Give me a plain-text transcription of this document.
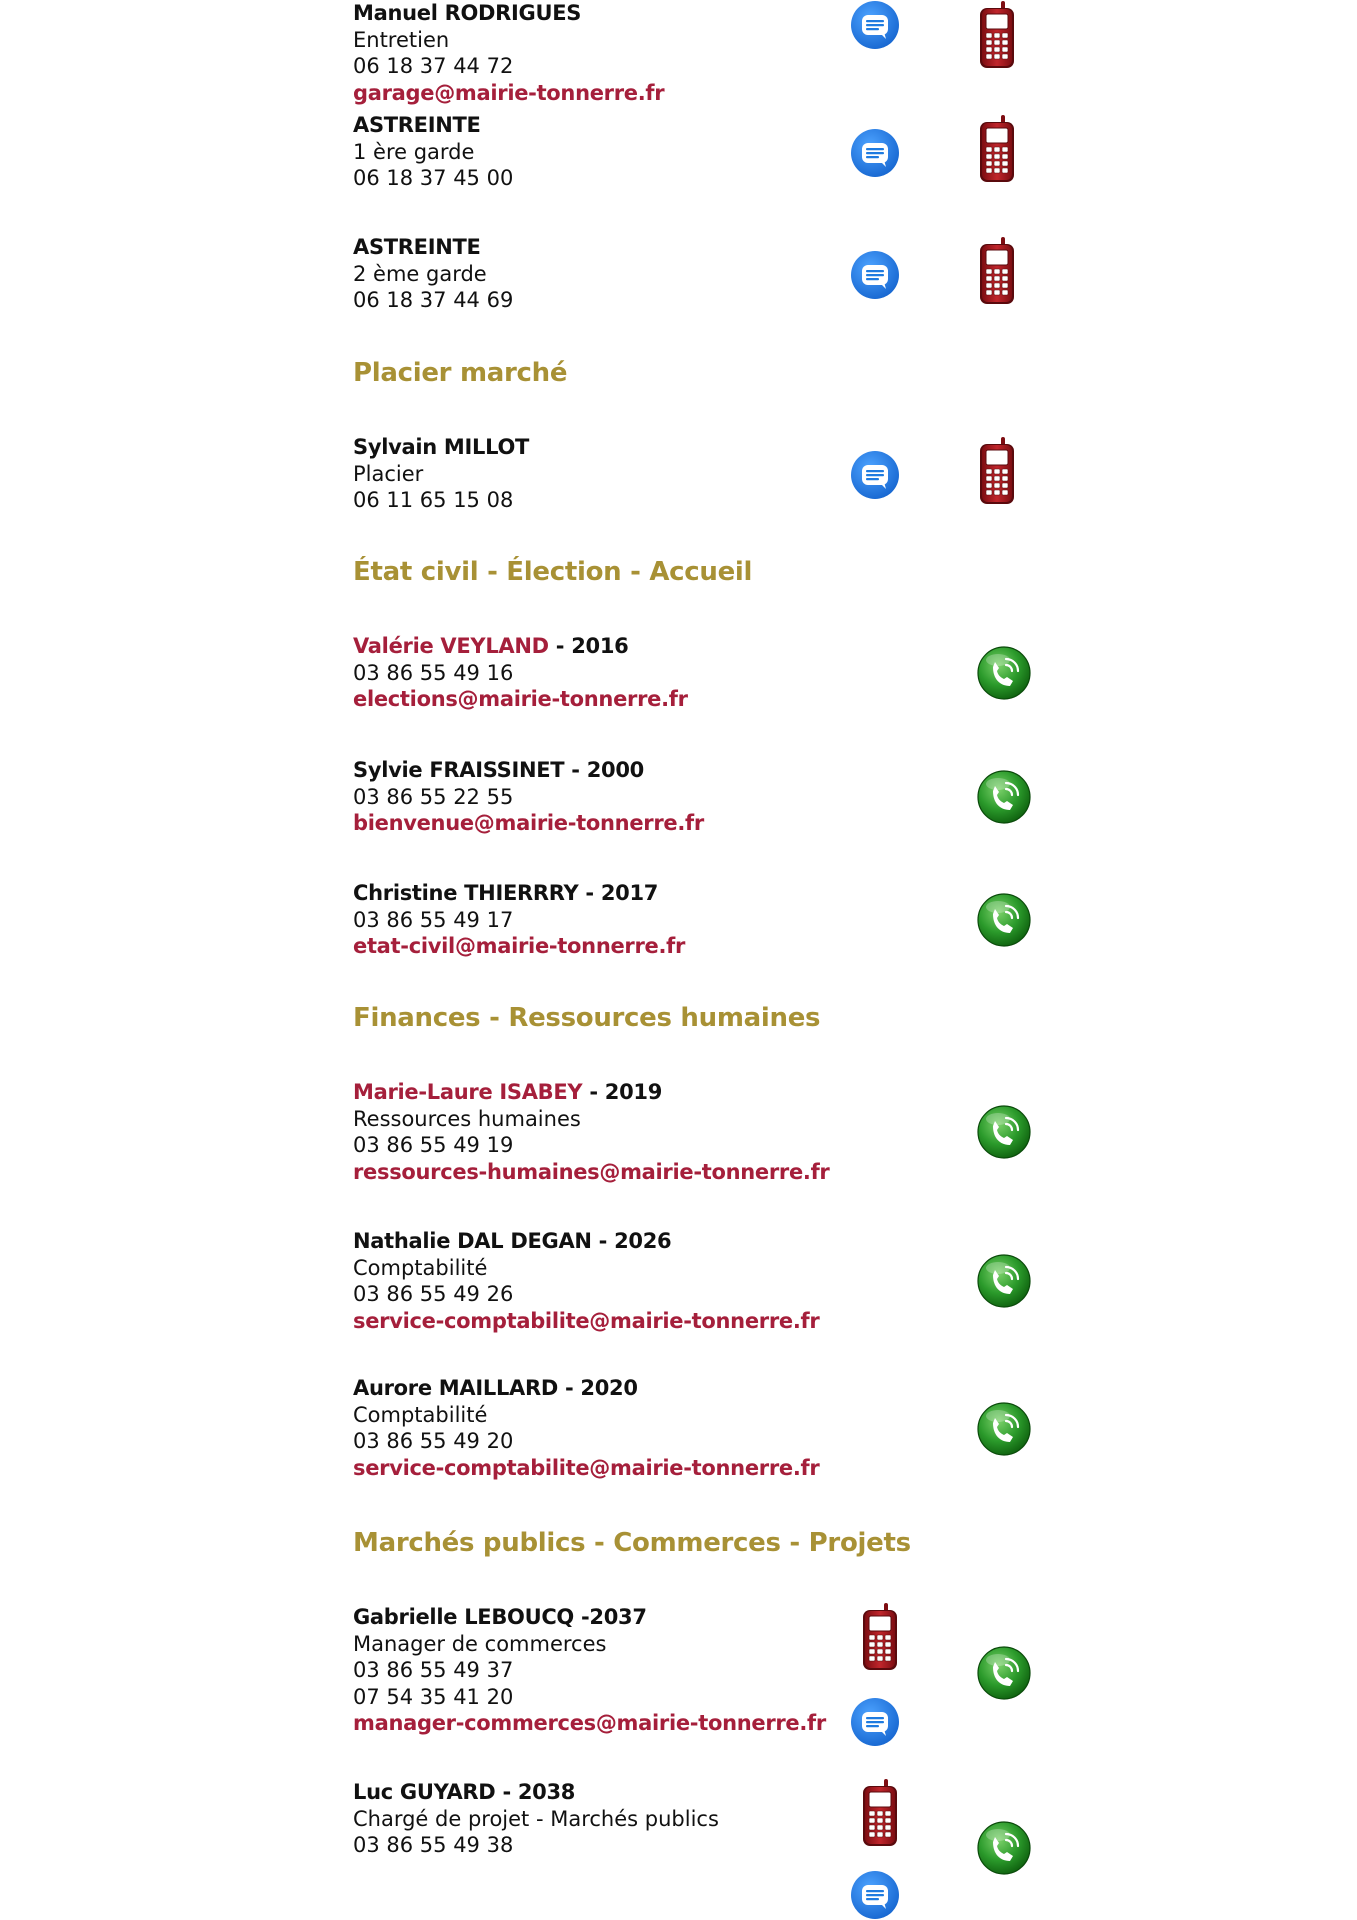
Manuel RODRIGUES
Entretien
06 18 37 44 72
garage@mairie-tonnerre.fr
ASTREINTE
1 ère garde
06 18 37 45 00
ASTREINTE
2 ème garde
06 18 37 44 69
Placier marché
Sylvain MILLOT
Placier
06 11 65 15 08
État civil - Élection - Accueil
Valérie VEYLAND - 2016
03 86 55 49 16
elections@mairie-tonnerre.fr
Sylvie FRAISSINET - 2000
03 86 55 22 55
bienvenue@mairie-tonnerre.fr
Christine THIERRRY - 2017
03 86 55 49 17
etat-civil@mairie-tonnerre.fr
Finances - Ressources humaines
Marie-Laure ISABEY - 2019
Ressources humaines
03 86 55 49 19
ressources-humaines@mairie-tonnerre.fr
Nathalie DAL DEGAN - 2026
Comptabilité
03 86 55 49 26
service-comptabilite@mairie-tonnerre.fr
Aurore MAILLARD - 2020
Comptabilité
03 86 55 49 20
service-comptabilite@mairie-tonnerre.fr
Marchés publics - Commerces - Projets
Gabrielle LEBOUCQ -2037
Manager de commerces
03 86 55 49 37
07 54 35 41 20
manager-commerces@mairie-tonnerre.fr
Luc GUYARD - 2038
Chargé de projet - Marchés publics
03 86 55 49 38
